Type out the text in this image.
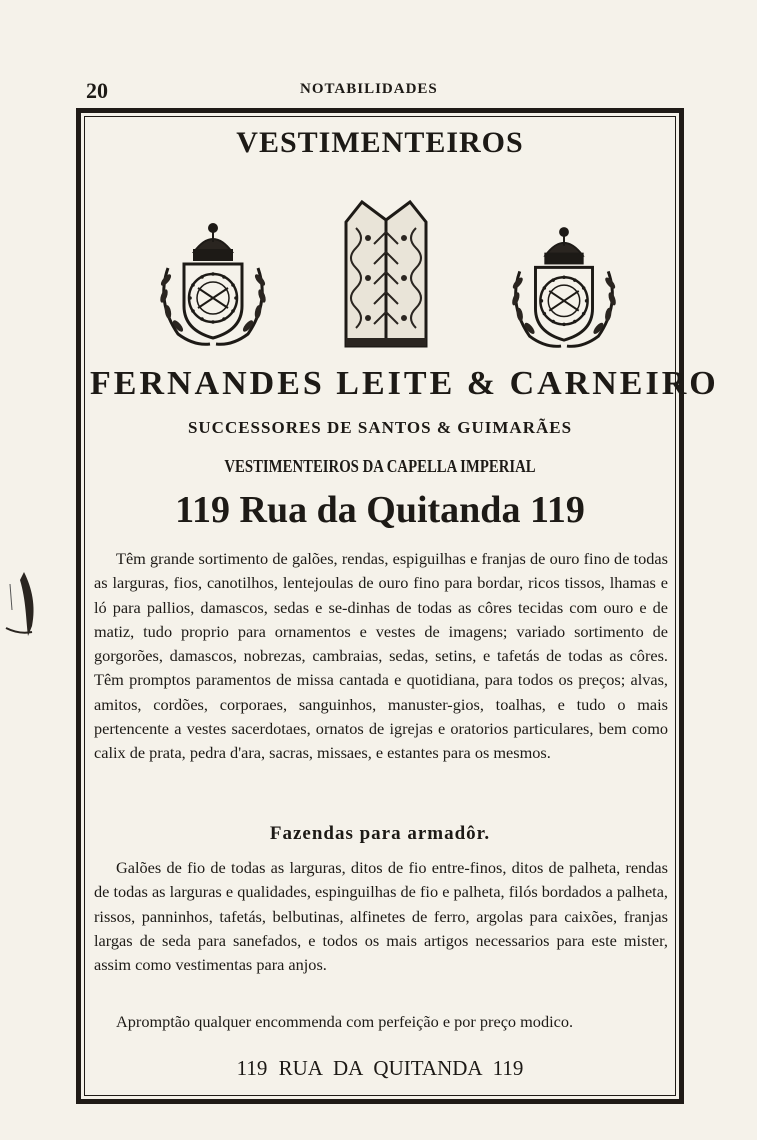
20	NOTABILIDADES
VESTIMENTEIROS
FERNANDES LEITE & CARNEIRO
SUCCESSORES DE SANTOS & GUIMARÃES
VESTIMENTEIROS DA CAPELLA IMPERIAL
119 Rua da Quitanda 119
Têm grande sortimento de galões, rendas, espiguilhas e franjas de ouro fino de todas as larguras, fios, canotilhos, lentejoulas de ouro fino para bordar, ricos tissos, lhamas e ló para pallios, damascos, sedas e se-dinhas de todas as côres tecidas com ouro e de matiz, tudo proprio para ornamentos e vestes de imagens; variado sortimento de gorgorões, damascos, nobrezas, cambraias, sedas, setins, e tafetás de todas as côres. Têm promptos paramentos de missa cantada e quotidiana, para todos os preços; alvas, amitos, cordões, corporaes, sanguinhos, manuster-gios, toalhas, e tudo o mais pertencente a vestes sacerdotaes, ornatos de igrejas e oratorios particulares, bem como calix de prata, pedra d'ara, sacras, missaes, e estantes para os mesmos.
Fazendas para armadôr.
Galões de fio de todas as larguras, ditos de fio entre-finos, ditos de palheta, rendas de todas as larguras e qualidades, espinguilhas de fio e palheta, filós bordados a palheta, rissos, panninhos, tafetás, belbutinas, alfinetes de ferro, argolas para caixões, franjas largas de seda para sanefados, e todos os mais artigos necessarios para este mister, assim como vestimentas para anjos.
Apromptão qualquer encommenda com perfeição e por preço modico.
119 RUA DA QUITANDA 119
